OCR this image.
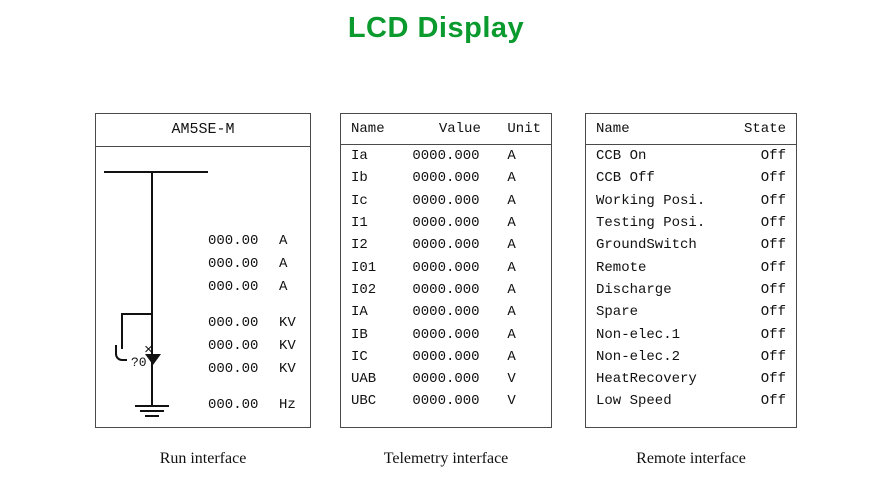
LCD Display
AM5SE-M
×
?0
000.00	A
000.00	A
000.00	A
000.00	KV
000.00	KV
000.00	KV
000.00	Hz
Run interface
Name	Value	Unit
Ia	0000.000	A
Ib	0000.000	A
Ic	0000.000	A
I1	0000.000	A
I2	0000.000	A
I01	0000.000	A
I02	0000.000	A
IA	0000.000	A
IB	0000.000	A
IC	0000.000	A
UAB	0000.000	V
UBC	0000.000	V
Telemetry interface
Name	State
CCB On	Off
CCB Off	Off
Working Posi.	Off
Testing Posi.	Off
GroundSwitch	Off
Remote	Off
Discharge	Off
Spare	Off
Non-elec.1	Off
Non-elec.2	Off
HeatRecovery	Off
Low Speed	Off
Remote interface
